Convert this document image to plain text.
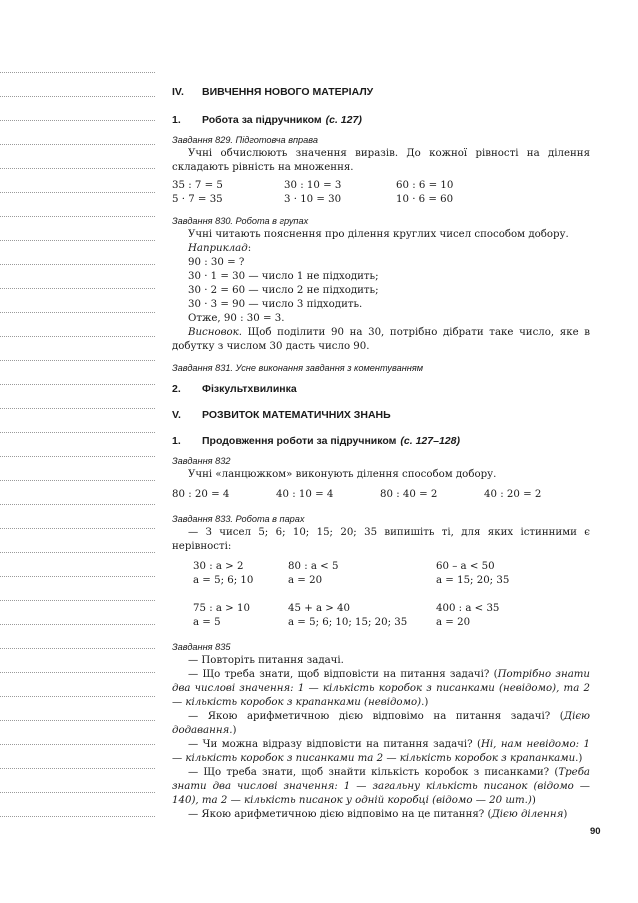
IV.	ВИВЧЕННЯ НОВОГО МАТЕРІАЛУ
1.	Робота за підручником (с. 127)
Завдання 829. Підготовча вправа
Учні обчислюють значення виразів. До кожної рівності на ділення складають рівність на множення.
35 : 7 = 5	30 : 10 = 3	60 : 6 = 10
5 · 7 = 35	3 · 10 = 30	10 · 6 = 60
Завдання 830. Робота в групах
Учні читають пояснення про ділення круглих чисел способом добору.
Наприклад:
90 : 30 = ?
30 · 1 = 30 — число 1 не підходить;
30 · 2 = 60 — число 2 не підходить;
30 · 3 = 90 — число 3 підходить.
Отже, 90 : 30 = 3.
Висновок. Щоб поділити 90 на 30, потрібно дібрати таке число, яке в добутку з числом 30 дасть число 90.
Завдання 831. Усне виконання завдання з коментуванням
2.	Фізкультхвилинка
V.	РОЗВИТОК МАТЕМАТИЧНИХ ЗНАНЬ
1.	Продовження роботи за підручником (с. 127–128)
Завдання 832
Учні «ланцюжком» виконують ділення способом добору.
80 : 20 = 4	40 : 10 = 4	80 : 40 = 2	40 : 20 = 2
Завдання 833. Робота в парах
— З чисел 5; 6; 10; 15; 20; 35 випишіть ті, для яких істинними є нерівності:
30 : a > 2	80 : a < 5	60 – a < 50
a = 5; 6; 10	a = 20	a = 15; 20; 35
75 : a > 10	45 + a > 40	400 : a < 35
a = 5	a = 5; 6; 10; 15; 20; 35	a = 20
Завдання 835
— Повторіть питання задачі.
— Що треба знати, щоб відповісти на питання задачі? (Потрібно знати два числові значення: 1 — кількість коробок з писанками (невідомо), та 2 — кількість коробок з крапанками (невідомо).)
— Якою арифметичною дією відповімо на питання задачі? (Дією додавання.)
— Чи можна відразу відповісти на питання задачі? (Ні, нам невідомо: 1 — кількість коробок з писанками та 2 — кількість коробок з крапанками.)
— Що треба знати, щоб знайти кількість коробок з писанками? (Треба знати два числові значення: 1 — загальну кількість писанок (відомо — 140), та 2 — кількість писанок у одній коробці (відомо — 20 шт.))
— Якою арифметичною дією відповімо на це питання? (Дією ділення)
90
